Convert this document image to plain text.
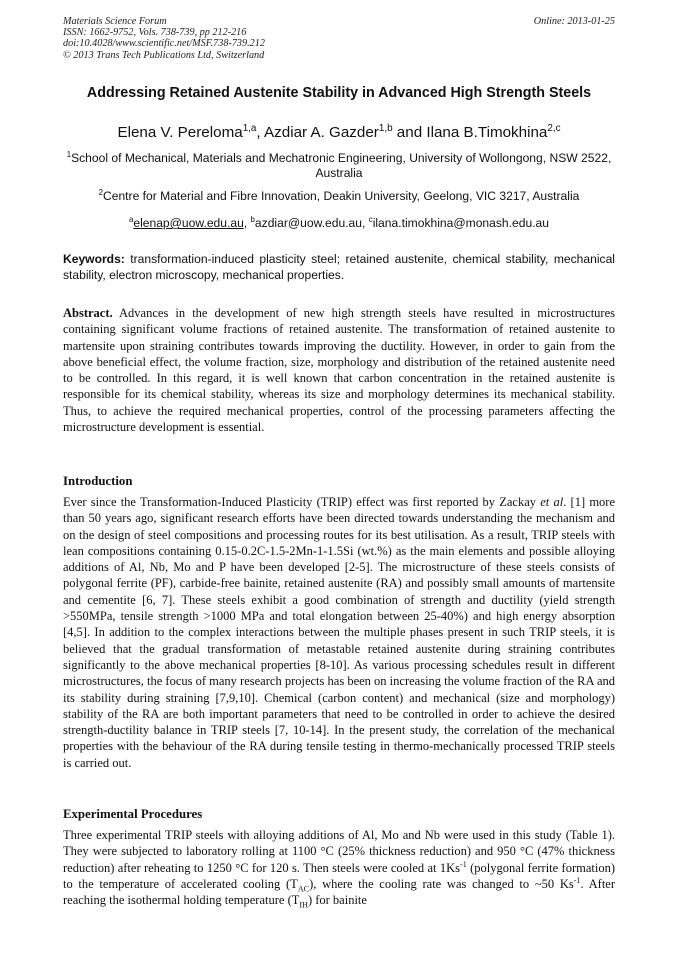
Materials Science Forum
ISSN: 1662-9752, Vols. 738-739, pp 212-216
doi:10.4028/www.scientific.net/MSF.738-739.212
© 2013 Trans Tech Publications Ltd, Switzerland
Online: 2013-01-25
Addressing Retained Austenite Stability in Advanced High Strength Steels
Elena V. Pereloma$^{1,a}$, Azdiar A. Gazder$^{1,b}$ and Ilana B.Timokhina$^{2,c}$
$^1$School of Mechanical, Materials and Mechatronic Engineering, University of Wollongong, NSW 2522, Australia
$^2$Centre for Material and Fibre Innovation, Deakin University, Geelong, VIC 3217, Australia
$^a$elenap@uow.edu.au, $^b$azdiar@uow.edu.au, $^c$ilana.timokhina@monash.edu.au
Keywords: transformation-induced plasticity steel; retained austenite, chemical stability, mechanical stability, electron microscopy, mechanical properties.
Abstract. Advances in the development of new high strength steels have resulted in microstructures containing significant volume fractions of retained austenite. The transformation of retained austenite to martensite upon straining contributes towards improving the ductility. However, in order to gain from the above beneficial effect, the volume fraction, size, morphology and distribution of the retained austenite need to be controlled. In this regard, it is well known that carbon concentration in the retained austenite is responsible for its chemical stability, whereas its size and morphology determines its mechanical stability. Thus, to achieve the required mechanical properties, control of the processing parameters affecting the microstructure development is essential.
Introduction
Ever since the Transformation-Induced Plasticity (TRIP) effect was first reported by Zackay et al. [1] more than 50 years ago, significant research efforts have been directed towards understanding the mechanism and on the design of steel compositions and processing routes for its best utilisation. As a result, TRIP steels with lean compositions containing 0.15-0.2C-1.5-2Mn-1-1.5Si (wt.%) as the main elements and possible alloying additions of Al, Nb, Mo and P have been developed [2-5]. The microstructure of these steels consists of polygonal ferrite (PF), carbide-free bainite, retained austenite (RA) and possibly small amounts of martensite and cementite [6, 7]. These steels exhibit a good combination of strength and ductility (yield strength >550MPa, tensile strength >1000 MPa and total elongation between 25-40%) and high energy absorption [4,5]. In addition to the complex interactions between the multiple phases present in such TRIP steels, it is believed that the gradual transformation of metastable retained austenite during straining contributes significantly to the above mechanical properties [8-10]. As various processing schedules result in different microstructures, the focus of many research projects has been on increasing the volume fraction of the RA and its stability during straining [7,9,10]. Chemical (carbon content) and mechanical (size and morphology) stability of the RA are both important parameters that need to be controlled in order to achieve the desired strength-ductility balance in TRIP steels [7, 10-14]. In the present study, the correlation of the mechanical properties with the behaviour of the RA during tensile testing in thermo-mechanically processed TRIP steels is carried out.
Experimental Procedures
Three experimental TRIP steels with alloying additions of Al, Mo and Nb were used in this study (Table 1). They were subjected to laboratory rolling at 1100 °C (25% thickness reduction) and 950 °C (47% thickness reduction) after reheating to 1250 °C for 120 s. Then steels were cooled at $1Ks^{-1}$ (polygonal ferrite formation) to the temperature of accelerated cooling $(T_{AC})$, where the cooling rate was changed to ~50 $Ks^{-1}$. After reaching the isothermal holding temperature $(T_{IH})$ for bainite
